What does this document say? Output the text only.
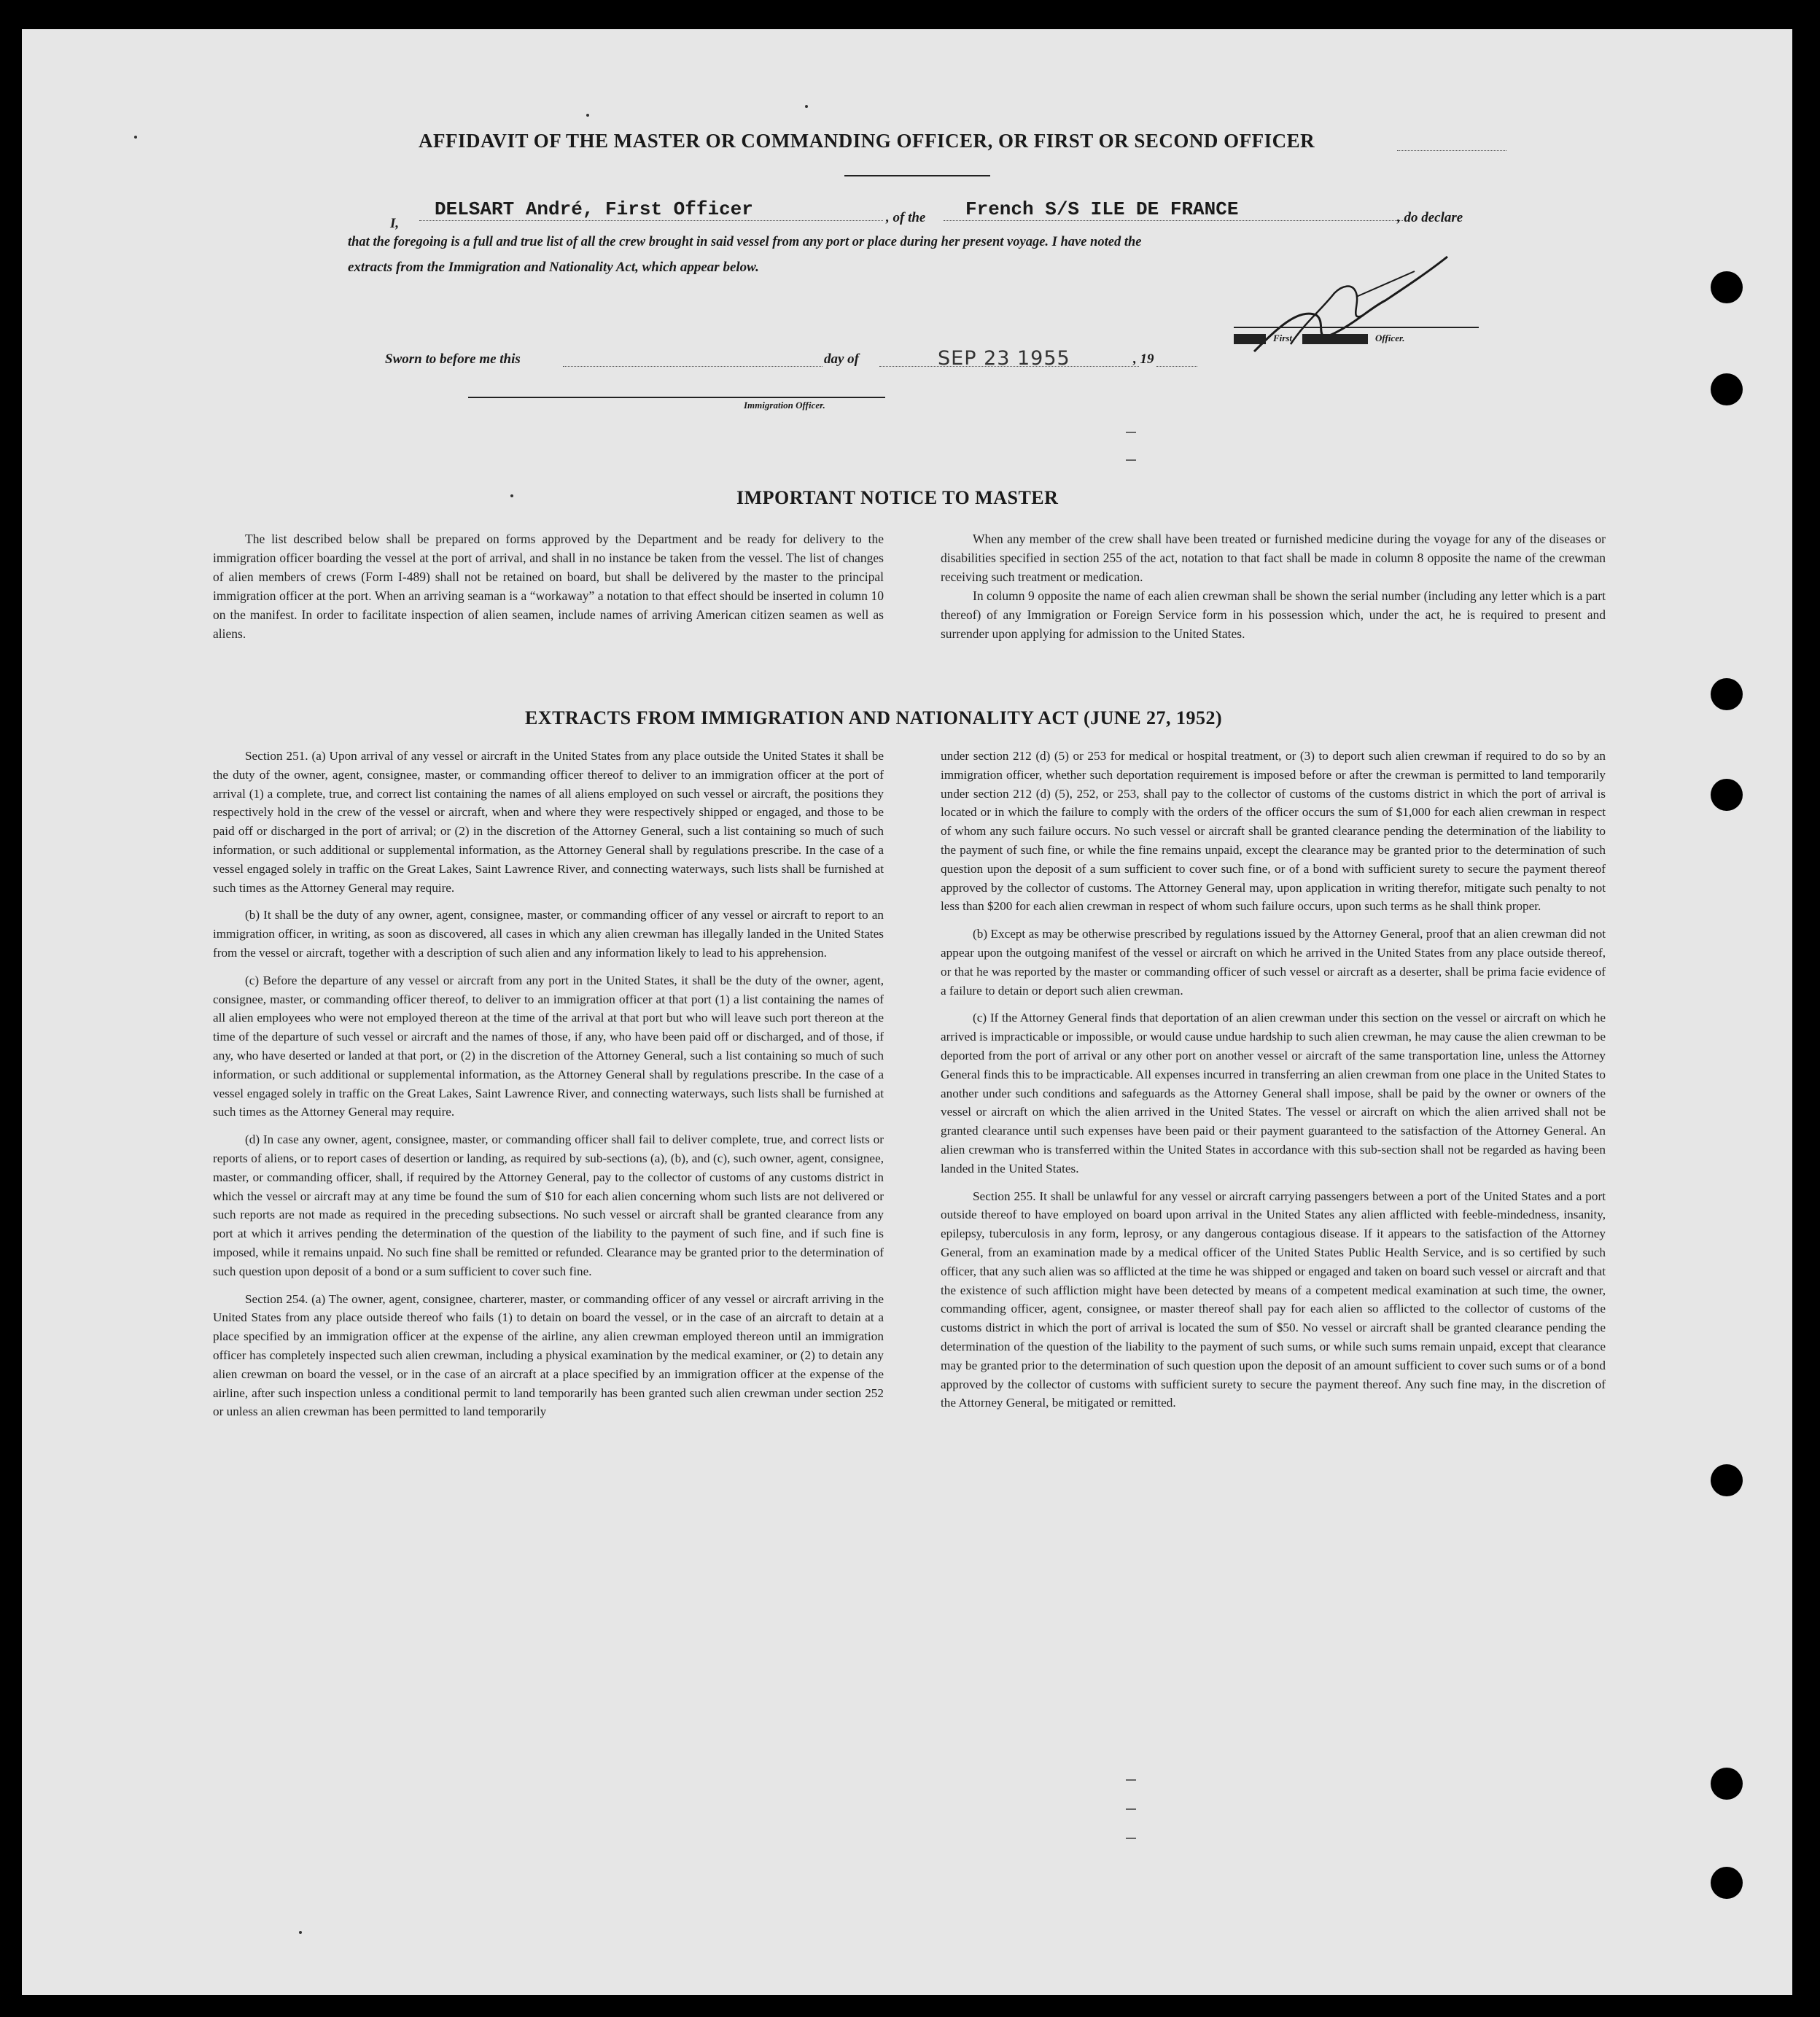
AFFIDAVIT OF THE MASTER OR COMMANDING OFFICER, OR FIRST OR SECOND OFFICER
I,
DELSART André, First Officer	, of the French S/S ILE DE FRANCE	, do declare
that the foregoing is a full and true list of all the crew brought in said vessel from any port or place during her present voyage. I have noted the
extracts from the Immigration and Nationality Act, which appear below.
First	Officer.
Sworn to before me this	day of	SEP 23 1955	, 19
Immigration Officer.
IMPORTANT NOTICE TO MASTER

The list described below shall be prepared on forms approved by the Department and be ready for delivery to the immigration officer boarding the vessel at the port of arrival, and shall in no instance be taken from the vessel. The list of changes of alien members of crews (Form I-489) shall not be retained on board, but shall be delivered by the master to the principal immigration officer at the port. When an arriving seaman is a “workaway” a notation to that effect should be inserted in column 10 on the manifest. In order to facilitate inspection of alien seamen, include names of arriving American citizen seamen as well as aliens.

When any member of the crew shall have been treated or furnished medicine during the voyage for any of the diseases or disabilities specified in section 255 of the act, notation to that fact shall be made in column 8 opposite the name of the crewman receiving such treatment or medication.

In column 9 opposite the name of each alien crewman shall be shown the serial number (including any letter which is a part thereof) of any Immigration or Foreign Service form in his possession which, under the act, he is required to present and surrender upon applying for admission to the United States.

EXTRACTS FROM IMMIGRATION AND NATIONALITY ACT (JUNE 27, 1952)

Section 251. (a) Upon arrival of any vessel or aircraft in the United States from any place outside the United States it shall be the duty of the owner, agent, consignee, master, or commanding officer thereof to deliver to an immigration officer at the port of arrival (1) a complete, true, and correct list containing the names of all aliens employed on such vessel or aircraft, the positions they respectively hold in the crew of the vessel or aircraft, when and where they were respectively shipped or engaged, and those to be paid off or discharged in the port of arrival; or (2) in the discretion of the Attorney General, such a list containing so much of such information, or such additional or supplemental information, as the Attorney General shall by regulations prescribe. In the case of a vessel engaged solely in traffic on the Great Lakes, Saint Lawrence River, and connecting waterways, such lists shall be furnished at such times as the Attorney General may require.

(b) It shall be the duty of any owner, agent, consignee, master, or commanding officer of any vessel or aircraft to report to an immigration officer, in writing, as soon as discovered, all cases in which any alien crewman has illegally landed in the United States from the vessel or aircraft, together with a description of such alien and any information likely to lead to his apprehension.

(c) Before the departure of any vessel or aircraft from any port in the United States, it shall be the duty of the owner, agent, consignee, master, or commanding officer thereof, to deliver to an immigration officer at that port (1) a list containing the names of all alien employees who were not employed thereon at the time of the arrival at that port but who will leave such port thereon at the time of the departure of such vessel or aircraft and the names of those, if any, who have been paid off or discharged, and of those, if any, who have deserted or landed at that port, or (2) in the discretion of the Attorney General, such a list containing so much of such information, or such additional or supplemental information, as the Attorney General shall by regulations prescribe. In the case of a vessel engaged solely in traffic on the Great Lakes, Saint Lawrence River, and connecting waterways, such lists shall be furnished at such times as the Attorney General may require.

(d) In case any owner, agent, consignee, master, or commanding officer shall fail to deliver complete, true, and correct lists or reports of aliens, or to report cases of desertion or landing, as required by sub-sections (a), (b), and (c), such owner, agent, consignee, master, or commanding officer, shall, if required by the Attorney General, pay to the collector of customs of any customs district in which the vessel or aircraft may at any time be found the sum of $10 for each alien concerning whom such lists are not delivered or such reports are not made as required in the preceding subsections. No such vessel or aircraft shall be granted clearance from any port at which it arrives pending the determination of the question of the liability to the payment of such fine, and if such fine is imposed, while it remains unpaid. No such fine shall be remitted or refunded. Clearance may be granted prior to the determination of such question upon deposit of a bond or a sum sufficient to cover such fine.

Section 254. (a) The owner, agent, consignee, charterer, master, or commanding officer of any vessel or aircraft arriving in the United States from any place outside thereof who fails (1) to detain on board the vessel, or in the case of an aircraft to detain at a place specified by an immigration officer at the expense of the airline, any alien crewman employed thereon until an immigration officer has completely inspected such alien crewman, including a physical examination by the medical examiner, or (2) to detain any alien crewman on board the vessel, or in the case of an aircraft at a place specified by an immigration officer at the expense of the airline, after such inspection unless a conditional permit to land temporarily has been granted such alien crewman under section 252 or unless an alien crewman has been permitted to land temporarily

under section 212 (d) (5) or 253 for medical or hospital treatment, or (3) to deport such alien crewman if required to do so by an immigration officer, whether such deportation requirement is imposed before or after the crewman is permitted to land temporarily under section 212 (d) (5), 252, or 253, shall pay to the collector of customs of the customs district in which the port of arrival is located or in which the failure to comply with the orders of the officer occurs the sum of $1,000 for each alien crewman in respect of whom any such failure occurs. No such vessel or aircraft shall be granted clearance pending the determination of the liability to the payment of such fine, or while the fine remains unpaid, except the clearance may be granted prior to the determination of such question upon the deposit of a sum sufficient to cover such fine, or of a bond with sufficient surety to secure the payment thereof approved by the collector of customs. The Attorney General may, upon application in writing therefor, mitigate such penalty to not less than $200 for each alien crewman in respect of whom such failure occurs, upon such terms as he shall think proper.

(b) Except as may be otherwise prescribed by regulations issued by the Attorney General, proof that an alien crewman did not appear upon the outgoing manifest of the vessel or aircraft on which he arrived in the United States from any place outside thereof, or that he was reported by the master or commanding officer of such vessel or aircraft as a deserter, shall be prima facie evidence of a failure to detain or deport such alien crewman.

(c) If the Attorney General finds that deportation of an alien crewman under this section on the vessel or aircraft on which he arrived is impracticable or impossible, or would cause undue hardship to such alien crewman, he may cause the alien crewman to be deported from the port of arrival or any other port on another vessel or aircraft of the same transportation line, unless the Attorney General finds this to be impracticable. All expenses incurred in transferring an alien crewman from one place in the United States to another under such conditions and safeguards as the Attorney General shall impose, shall be paid by the owner or owners of the vessel or aircraft on which the alien arrived in the United States. The vessel or aircraft on which the alien arrived shall not be granted clearance until such expenses have been paid or their payment guaranteed to the satisfaction of the Attorney General. An alien crewman who is transferred within the United States in accordance with this sub-section shall not be regarded as having been landed in the United States.

Section 255. It shall be unlawful for any vessel or aircraft carrying passengers between a port of the United States and a port outside thereof to have employed on board upon arrival in the United States any alien afflicted with feeble-mindedness, insanity, epilepsy, tuberculosis in any form, leprosy, or any dangerous contagious disease. If it appears to the satisfaction of the Attorney General, from an examination made by a medical officer of the United States Public Health Service, and is so certified by such officer, that any such alien was so afflicted at the time he was shipped or engaged and taken on board such vessel or aircraft and that the existence of such affliction might have been detected by means of a competent medical examination at such time, the owner, commanding officer, agent, consignee, or master thereof shall pay for each alien so afflicted to the collector of customs of the customs district in which the port of arrival is located the sum of $50. No vessel or aircraft shall be granted clearance pending the determination of the question of the liability to the payment of such sums, or while such sums remain unpaid, except that clearance may be granted prior to the determination of such question upon the deposit of an amount sufficient to cover such sums or of a bond approved by the collector of customs with sufficient surety to secure the payment thereof. Any such fine may, in the discretion of the Attorney General, be mitigated or remitted.
